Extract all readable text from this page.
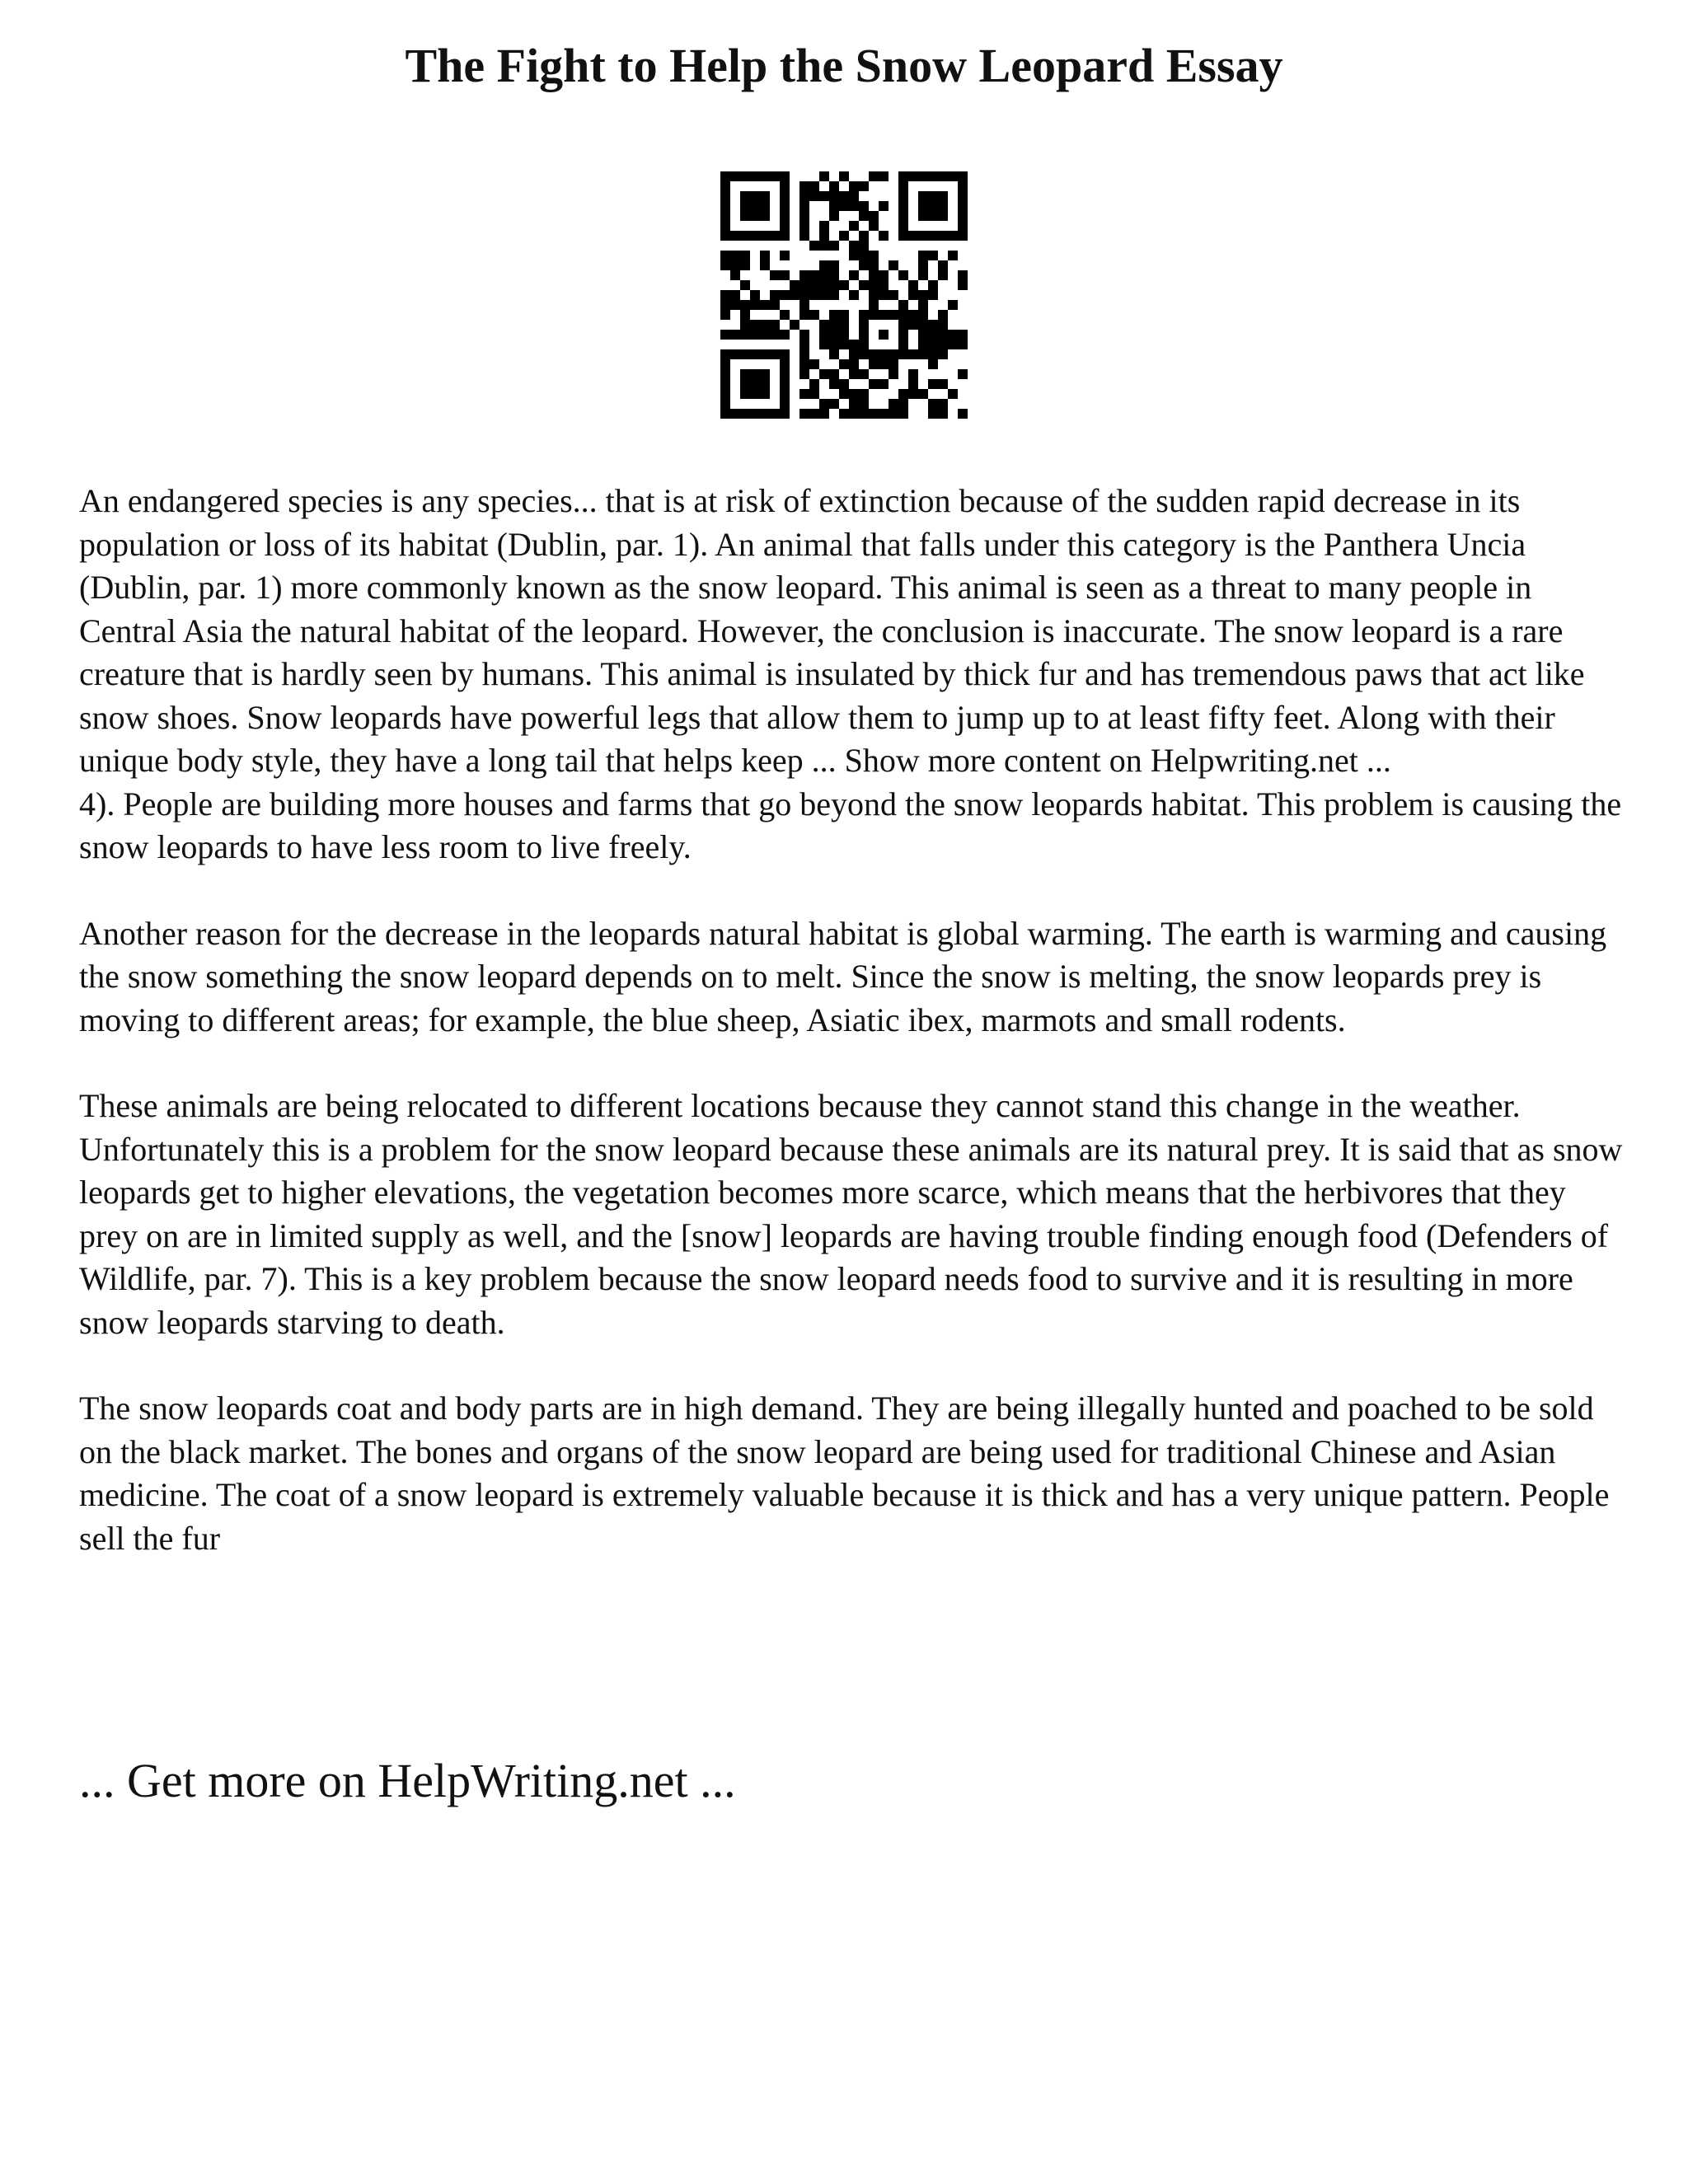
The Fight to Help the Snow Leopard Essay

An endangered species is any species... that is at risk of extinction because of the sudden rapid decrease in its population or loss of its habitat (Dublin, par. 1). An animal that falls under this category is the Panthera Uncia (Dublin, par. 1) more commonly known as the snow leopard. This animal is seen as a threat to many people in Central Asia the natural habitat of the leopard. However, the conclusion is inaccurate. The snow leopard is a rare creature that is hardly seen by humans. This animal is insulated by thick fur and has tremendous paws that act like snow shoes. Snow leopards have powerful legs that allow them to jump up to at least fifty feet. Along with their unique body style, they have a long tail that helps keep ... Show more content on Helpwriting.net ...
4). People are building more houses and farms that go beyond the snow leopards habitat. This problem is causing the snow leopards to have less room to live freely.

Another reason for the decrease in the leopards natural habitat is global warming. The earth is warming and causing the snow something the snow leopard depends on to melt. Since the snow is melting, the snow leopards prey is moving to different areas; for example, the blue sheep, Asiatic ibex, marmots and small rodents.

These animals are being relocated to different locations because they cannot stand this change in the weather. Unfortunately this is a problem for the snow leopard because these animals are its natural prey. It is said that as snow leopards get to higher elevations, the vegetation becomes more scarce, which means that the herbivores that they prey on are in limited supply as well, and the [snow] leopards are having trouble finding enough food (Defenders of Wildlife, par. 7). This is a key problem because the snow leopard needs food to survive and it is resulting in more snow leopards starving to death.

The snow leopards coat and body parts are in high demand. They are being illegally hunted and poached to be sold on the black market. The bones and organs of the snow leopard are being used for traditional Chinese and Asian medicine. The coat of a snow leopard is extremely valuable because it is thick and has a very unique pattern. People sell the fur

... Get more on HelpWriting.net ...
